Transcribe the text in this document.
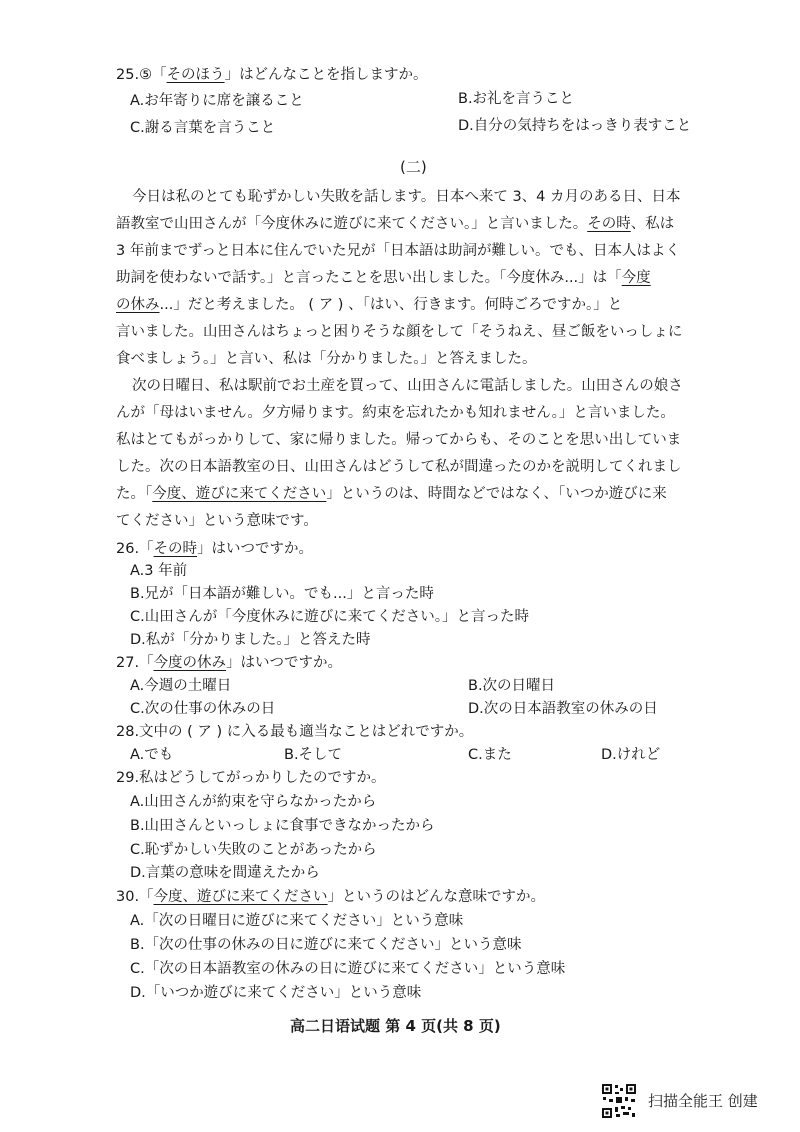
25.⑤「そのほう」はどんなことを指しますか。
A.お年寄りに席を譲ること	B.お礼を言うこと
C.謝る言葉を言うこと	D.自分の気持ちをはっきり表すこと
(二)
今日は私のとても恥ずかしい失敗を話します。日本へ来て 3、4 カ月のある日、日本
語教室で山田さんが「今度休みに遊びに来てください。」と言いました。その時、私は
3 年前までずっと日本に住んでいた兄が「日本語は助詞が難しい。でも、日本人はよく
助詞を使わないで話す。」と言ったことを思い出しました。「今度休み...」は「今度
の休み...」だと考えました。 ( ア ) 、「はい、行きます。何時ごろですか。」と
言いました。山田さんはちょっと困りそうな顔をして「そうねえ、昼ご飯をいっしょに
食べましょう。」と言い、私は「分かりました。」と答えました。
次の日曜日、私は駅前でお土産を買って、山田さんに電話しました。山田さんの娘さ
んが「母はいません。夕方帰ります。約束を忘れたかも知れません。」と言いました。
私はとてもがっかりして、家に帰りました。帰ってからも、そのことを思い出していま
した。次の日本語教室の日、山田さんはどうして私が間違ったのかを説明してくれまし
た。「今度、遊びに来てください」というのは、時間などではなく、「いつか遊びに来
てください」という意味です。
26.「その時」はいつですか。
A.3 年前
B.兄が「日本語が難しい。でも...」と言った時
C.山田さんが「今度休みに遊びに来てください。」と言った時
D.私が「分かりました。」と答えた時
27.「今度の休み」はいつですか。
A.今週の土曜日	B.次の日曜日
C.次の仕事の休みの日	D.次の日本語教室の休みの日
28.文中の ( ア ) に入る最も適当なことはどれですか。
A.でも	B.そして	C.また	D.けれど
29.私はどうしてがっかりしたのですか。
A.山田さんが約束を守らなかったから
B.山田さんといっしょに食事できなかったから
C.恥ずかしい失敗のことがあったから
D.言葉の意味を間違えたから
30.「今度、遊びに来てください」というのはどんな意味ですか。
A.「次の日曜日に遊びに来てください」という意味
B.「次の仕事の休みの日に遊びに来てください」という意味
C.「次の日本語教室の休みの日に遊びに来てください」という意味
D.「いつか遊びに来てください」という意味
高二日语试题 第 4 页(共 8 页)
扫描全能王 创建
